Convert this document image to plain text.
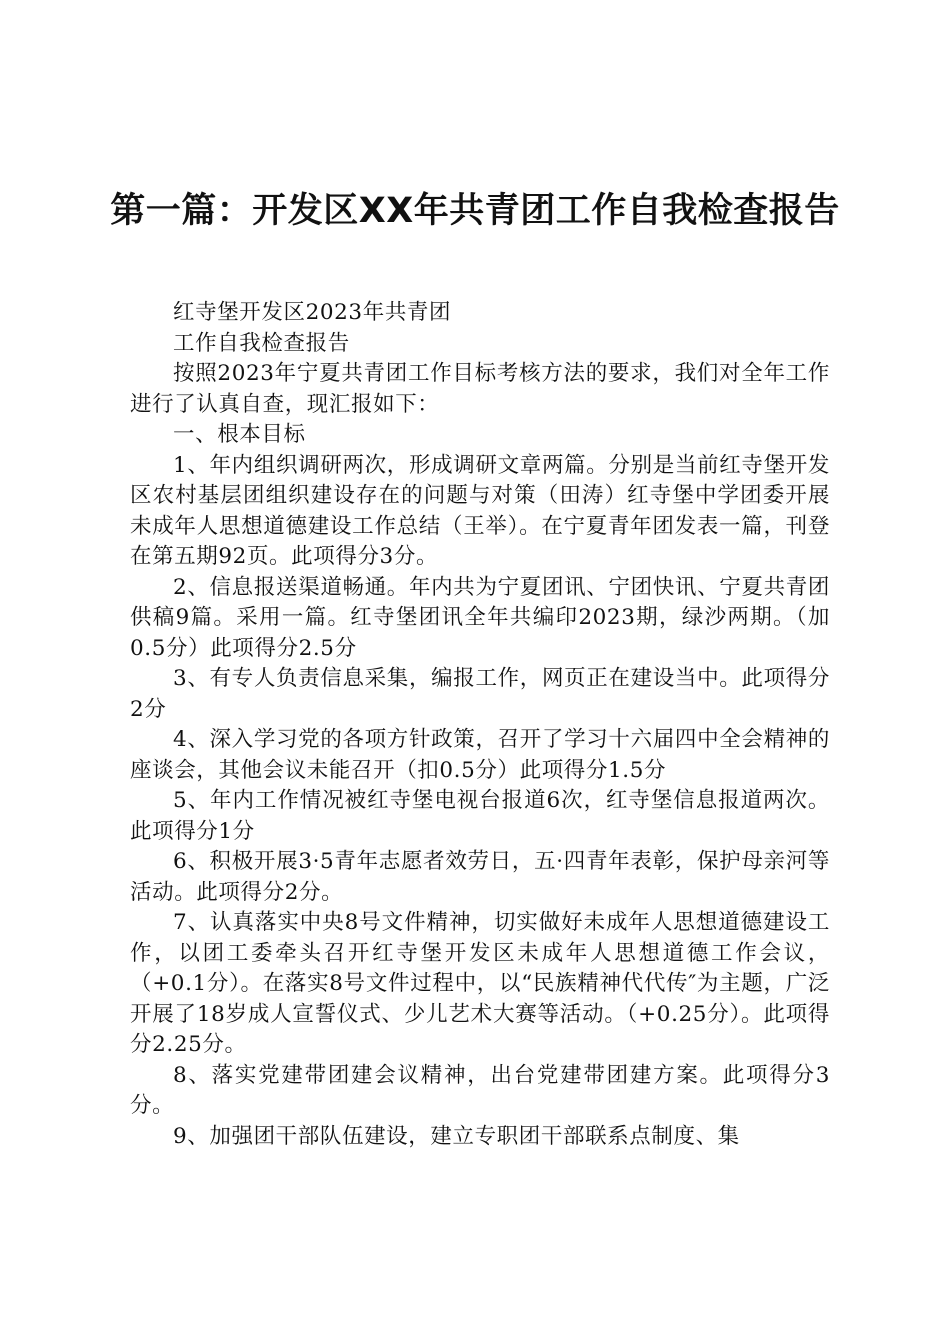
第一篇：开发区XX年共青团工作自我检查报告

红寺堡开发区2023年共青团

工作自我检查报告

按照2023年宁夏共青团工作目标考核方法的要求，我们对全年工作进行了认真自查，现汇报如下：

一、根本目标

1、年内组织调研两次，形成调研文章两篇。分别是当前红寺堡开发区农村基层团组织建设存在的问题与对策（田涛）红寺堡中学团委开展未成年人思想道德建设工作总结（王举）。在宁夏青年团发表一篇，刊登在第五期92页。此项得分3分。

2、信息报送渠道畅通。年内共为宁夏团讯、宁团快讯、宁夏共青团供稿9篇。采用一篇。红寺堡团讯全年共编印2023期，绿沙两期。（加0.5分）此项得分2.5分

3、有专人负责信息采集，编报工作，网页正在建设当中。此项得分2分

4、深入学习党的各项方针政策，召开了学习十六届四中全会精神的座谈会，其他会议未能召开（扣0.5分）此项得分1.5分

5、年内工作情况被红寺堡电视台报道6次，红寺堡信息报道两次。此项得分1分

6、积极开展3·5青年志愿者效劳日，五·四青年表彰，保护母亲河等活动。此项得分2分。

7、认真落实中央8号文件精神，切实做好未成年人思想道德建设工作，以团工委牵头召开红寺堡开发区未成年人思想道德工作会议，（+0.1分）。在落实8号文件过程中，以“民族精神代代传″为主题，广泛开展了18岁成人宣誓仪式、少儿艺术大赛等活动。（+0.25分）。此项得分2.25分。

8、落实党建带团建会议精神，出台党建带团建方案。此项得分3分。

9、加强团干部队伍建设，建立专职团干部联系点制度、集
